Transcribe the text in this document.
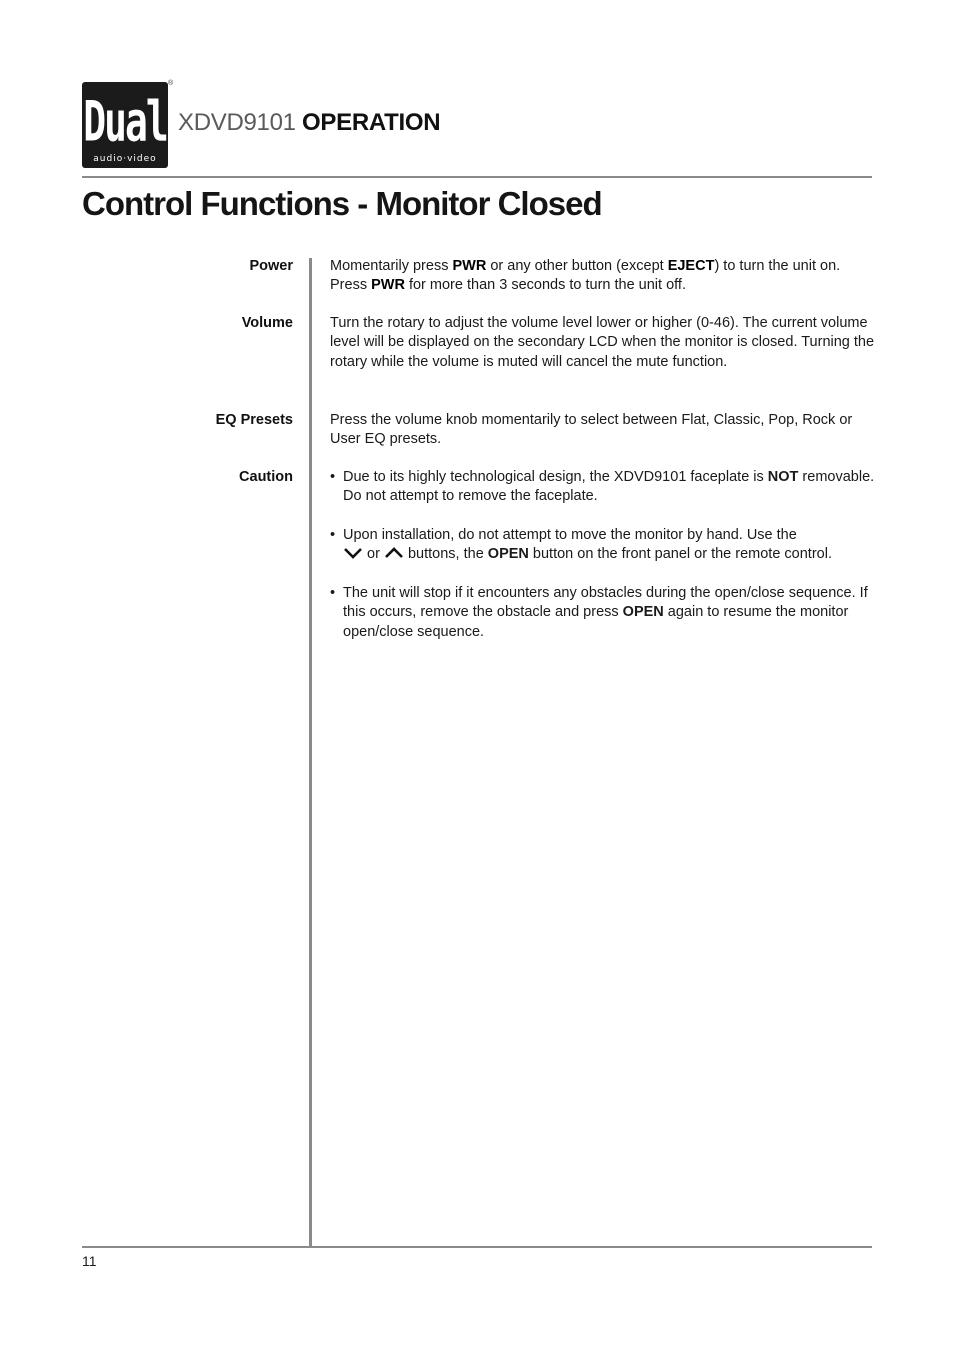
Dual
audio·video
®
XDVD9101 OPERATION
Control Functions - Monitor Closed
Power	Momentarily press PWR or any other button (except EJECT) to turn the unit on. Press PWR for more than 3 seconds to turn the unit off.
Volume	Turn the rotary to adjust the volume level lower or higher (0-46). The current volume level will be displayed on the secondary LCD when the monitor is closed. Turning the rotary while the volume is muted will cancel the mute function.
EQ Presets	Press the volume knob momentarily to select between Flat, Classic, Pop, Rock or User EQ presets.
Caution	• Due to its highly technological design, the XDVD9101 faceplate is NOT removable. Do not attempt to remove the faceplate.
• Upon installation, do not attempt to move the monitor by hand. Use the
or  buttons, the OPEN button on the front panel or the remote control.
• The unit will stop if it encounters any obstacles during the open/close sequence. If this occurs, remove the obstacle and press OPEN again to resume the monitor open/close sequence.
11
